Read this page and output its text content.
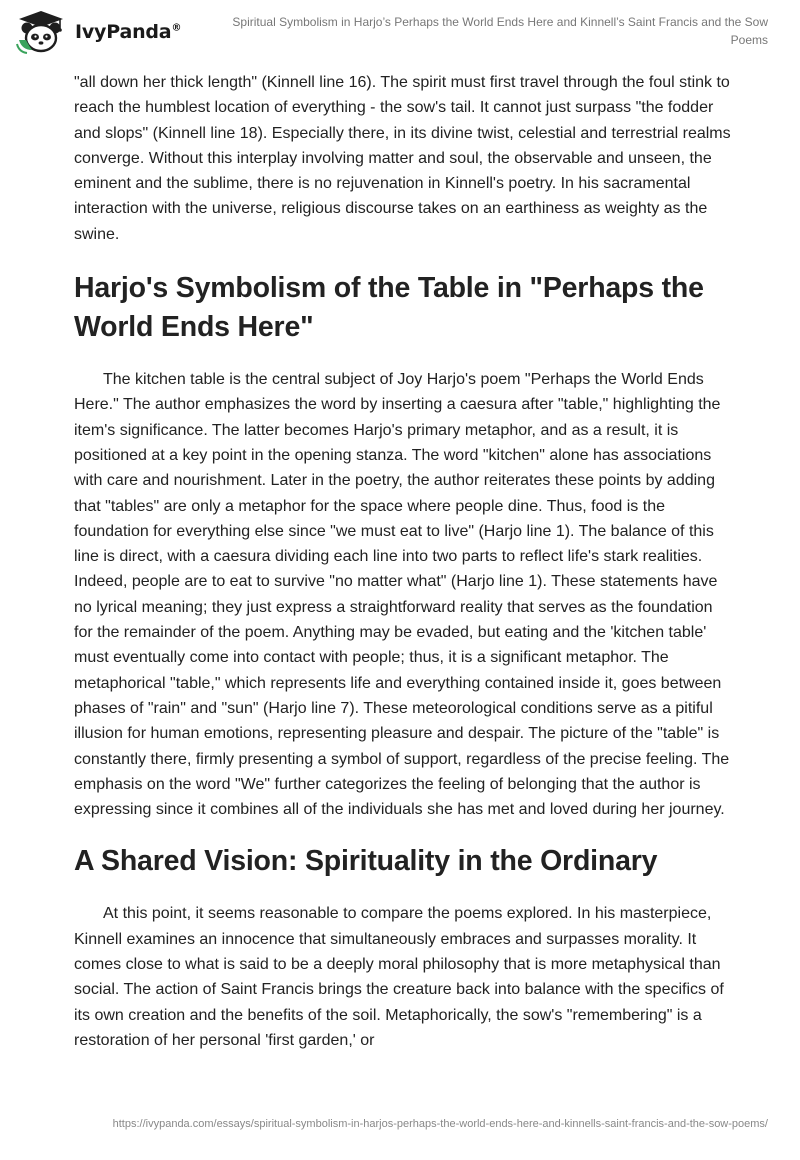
IvyPanda®	Spiritual Symbolism in Harjo’s Perhaps the World Ends Here and Kinnell’s Saint Francis and the Sow Poems

"all down her thick length" (Kinnell line 16). The spirit must first travel through the foul stink to reach the humblest location of everything - the sow's tail. It cannot just surpass "the fodder and slops" (Kinnell line 18). Especially there, in its divine twist, celestial and terrestrial realms converge. Without this interplay involving matter and soul, the observable and unseen, the eminent and the sublime, there is no rejuvenation in Kinnell's poetry. In his sacramental interaction with the universe, religious discourse takes on an earthiness as weighty as the swine.

Harjo's Symbolism of the Table in "Perhaps the World Ends Here"

The kitchen table is the central subject of Joy Harjo's poem "Perhaps the World Ends Here." The author emphasizes the word by inserting a caesura after "table," highlighting the item's significance. The latter becomes Harjo's primary metaphor, and as a result, it is positioned at a key point in the opening stanza. The word "kitchen" alone has associations with care and nourishment. Later in the poetry, the author reiterates these points by adding that "tables" are only a metaphor for the space where people dine. Thus, food is the foundation for everything else since "we must eat to live" (Harjo line 1). The balance of this line is direct, with a caesura dividing each line into two parts to reflect life's stark realities. Indeed, people are to eat to survive "no matter what" (Harjo line 1). These statements have no lyrical meaning; they just express a straightforward reality that serves as the foundation for the remainder of the poem. Anything may be evaded, but eating and the 'kitchen table' must eventually come into contact with people; thus, it is a significant metaphor. The metaphorical "table," which represents life and everything contained inside it, goes between phases of "rain" and "sun" (Harjo line 7). These meteorological conditions serve as a pitiful illusion for human emotions, representing pleasure and despair. The picture of the "table" is constantly there, firmly presenting a symbol of support, regardless of the precise feeling. The emphasis on the word "We" further categorizes the feeling of belonging that the author is expressing since it combines all of the individuals she has met and loved during her journey.

A Shared Vision: Spirituality in the Ordinary

At this point, it seems reasonable to compare the poems explored. In his masterpiece, Kinnell examines an innocence that simultaneously embraces and surpasses morality. It comes close to what is said to be a deeply moral philosophy that is more metaphysical than social. The action of Saint Francis brings the creature back into balance with the specifics of its own creation and the benefits of the soil. Metaphorically, the sow's "remembering" is a restoration of her personal 'first garden,' or

https://ivypanda.com/essays/spiritual-symbolism-in-harjos-perhaps-the-world-ends-here-and-kinnells-saint-francis-and-the-sow-poems/
